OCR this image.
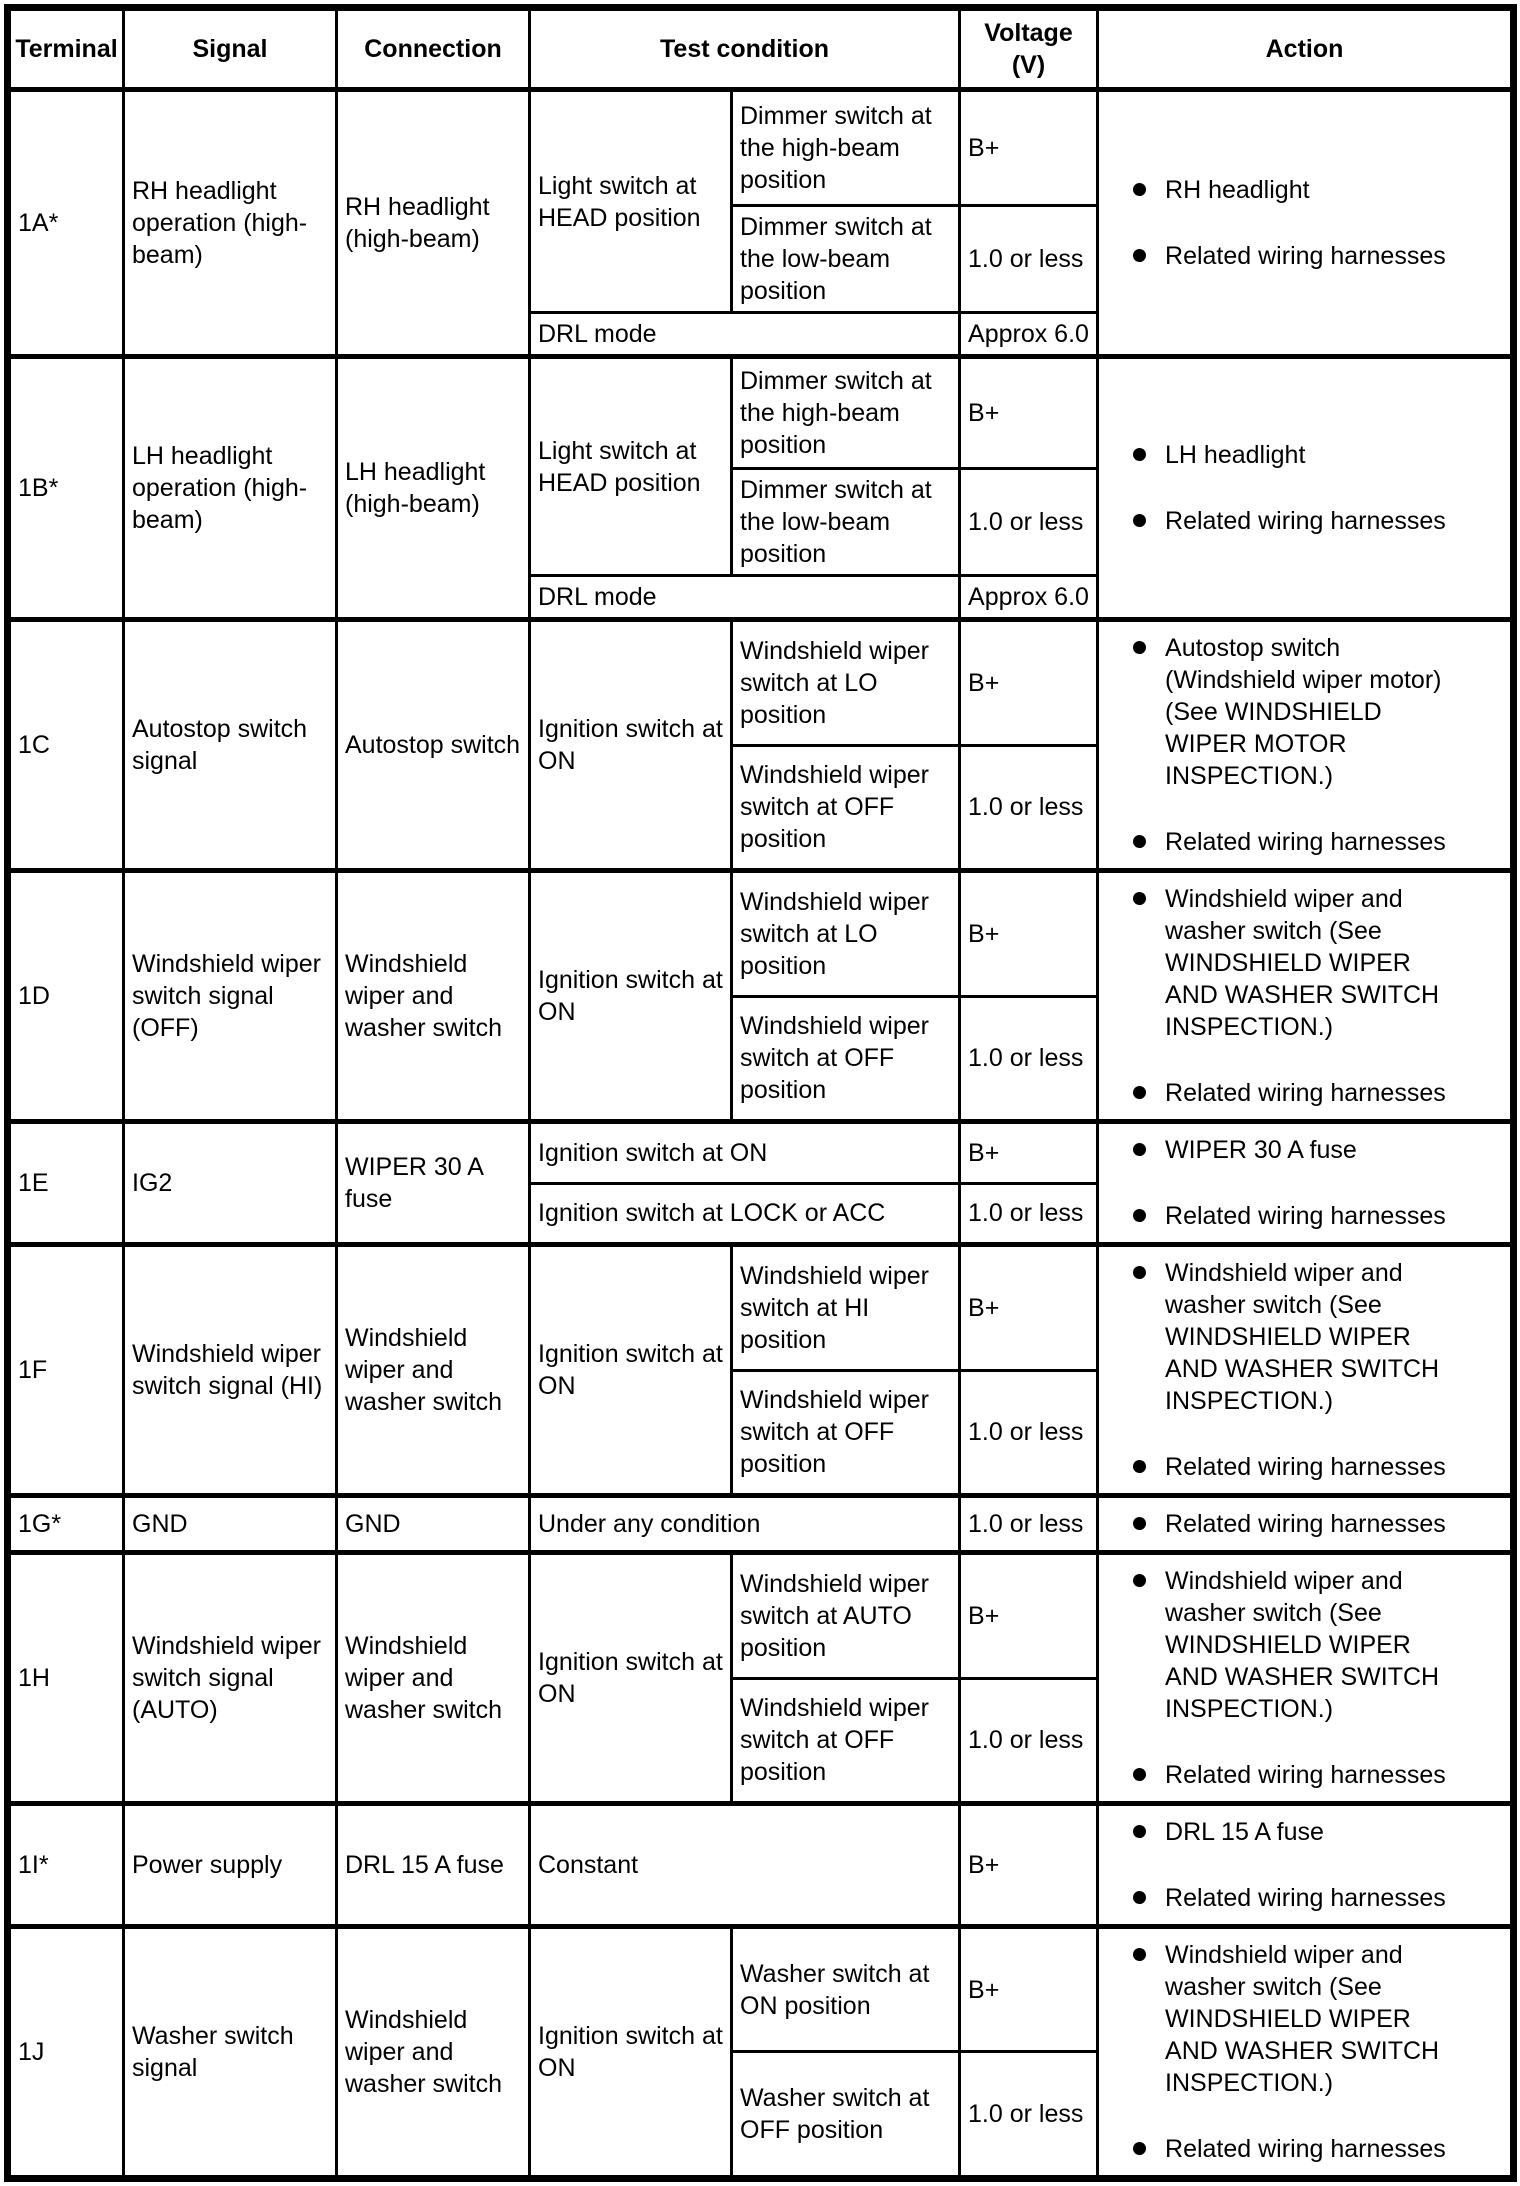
Terminal	Signal	Connection	Test condition		Voltage (V)	Action
1A*	RH headlight operation (high-beam)	RH headlight (high-beam)	Light switch at HEAD position	Dimmer switch at the high-beam position	B+	RH headlight
Related wiring harnesses

				Dimmer switch at the low-beam position	1.0 or less	
			DRL mode		Approx 6.0	
1B*	LH headlight operation (high-beam)	LH headlight (high-beam)	Light switch at HEAD position	Dimmer switch at the high-beam position	B+	LH headlight
Related wiring harnesses

				Dimmer switch at the low-beam position	1.0 or less	
			DRL mode		Approx 6.0	
1C	Autostop switch signal	Autostop switch	Ignition switch at ON	Windshield wiper switch at LO position	B+	Autostop switch (Windshield wiper motor) (See WINDSHIELD WIPER MOTOR INSPECTION.)
Related wiring harnesses

				Windshield wiper switch at OFF position	1.0 or less	
1D	Windshield wiper switch signal (OFF)	Windshield wiper and washer switch	Ignition switch at ON	Windshield wiper switch at LO position	B+	Windshield wiper and washer switch (See WINDSHIELD WIPER AND WASHER SWITCH INSPECTION.)
Related wiring harnesses

				Windshield wiper switch at OFF position	1.0 or less	
1E	IG2	WIPER 30 A fuse	Ignition switch at ON		B+	WIPER 30 A fuse
Related wiring harnesses

			Ignition switch at LOCK or ACC		1.0 or less	
1F	Windshield wiper switch signal (HI)	Windshield wiper and washer switch	Ignition switch at ON	Windshield wiper switch at HI position	B+	Windshield wiper and washer switch (See WINDSHIELD WIPER AND WASHER SWITCH INSPECTION.)
Related wiring harnesses

				Windshield wiper switch at OFF position	1.0 or less	
1G*	GND	GND	Under any condition		1.0 or less	Related wiring harnesses

1H	Windshield wiper switch signal (AUTO)	Windshield wiper and washer switch	Ignition switch at ON	Windshield wiper switch at AUTO position	B+	Windshield wiper and washer switch (See WINDSHIELD WIPER AND WASHER SWITCH INSPECTION.)
Related wiring harnesses

				Windshield wiper switch at OFF position	1.0 or less	
1I*	Power supply	DRL 15 A fuse	Constant		B+	DRL 15 A fuse
Related wiring harnesses

1J	Washer switch signal	Windshield wiper and washer switch	Ignition switch at ON	Washer switch at ON position	B+	Windshield wiper and washer switch (See WINDSHIELD WIPER AND WASHER SWITCH INSPECTION.)
Related wiring harnesses

				Washer switch at OFF position	1.0 or less	
